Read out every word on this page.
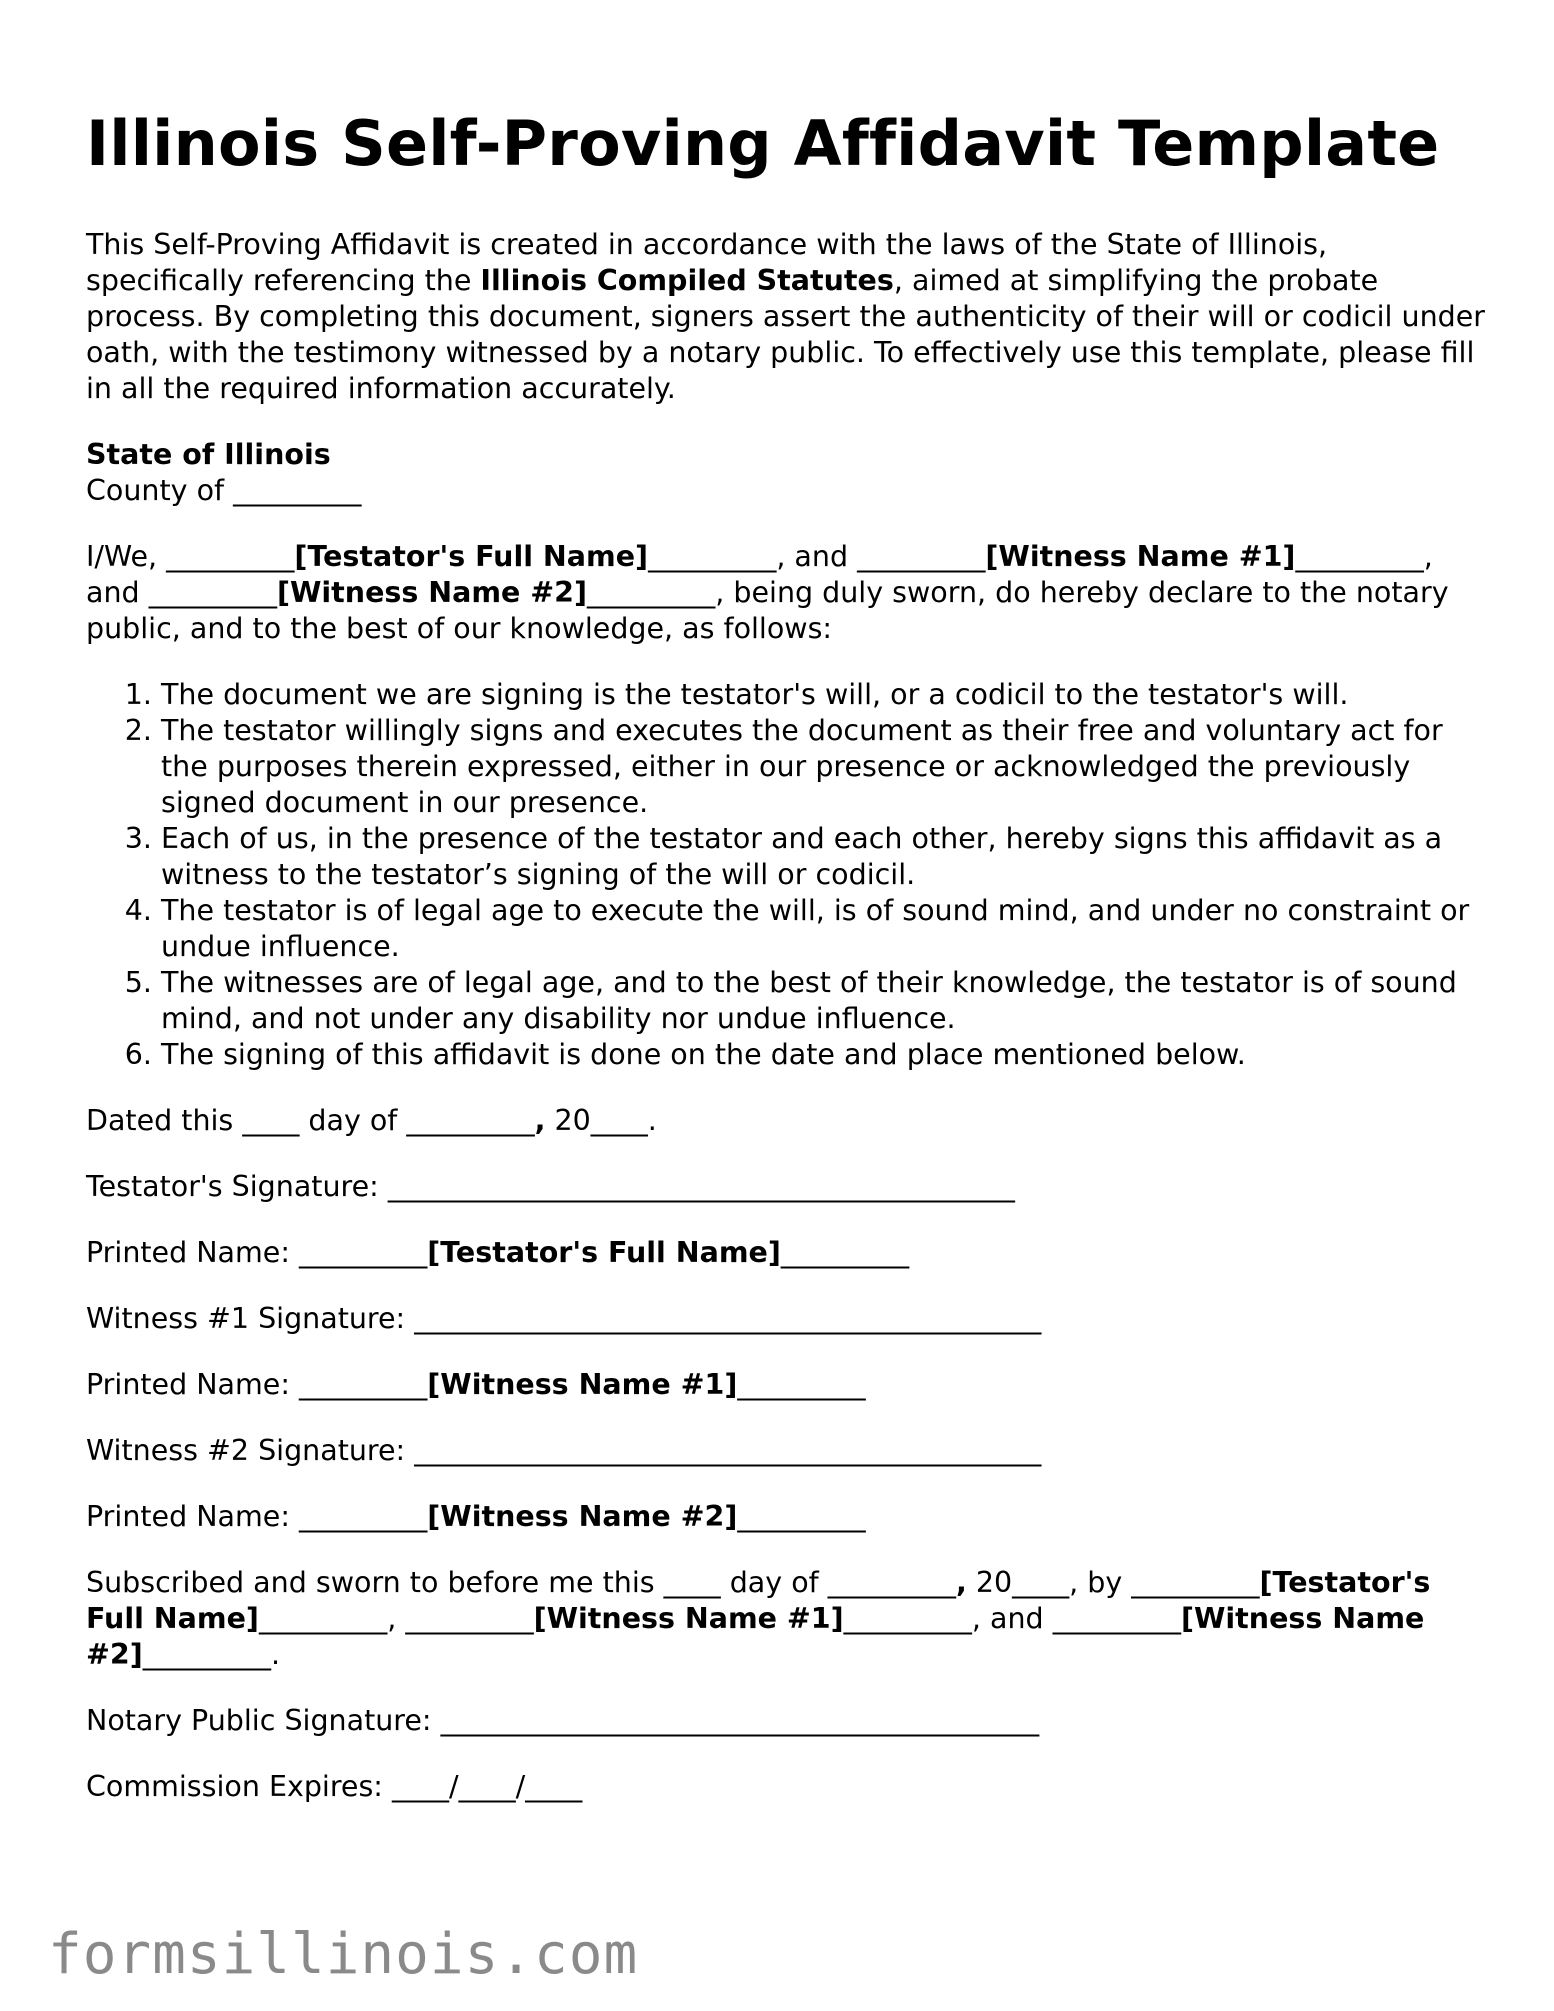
Illinois Self-Proving Affidavit Template

This Self-Proving Affidavit is created in accordance with the laws of the State of Illinois, specifically referencing the Illinois Compiled Statutes, aimed at simplifying the probate process. By completing this document, signers assert the authenticity of their will or codicil under oath, with the testimony witnessed by a notary public. To effectively use this template, please fill in all the required information accurately.

State of Illinois
County of _________

I/We, _________[Testator's Full Name]_________, and _________[Witness Name #1]_________, and _________[Witness Name #2]_________, being duly sworn, do hereby declare to the notary public, and to the best of our knowledge, as follows:

1. The document we are signing is the testator's will, or a codicil to the testator's will.
2. The testator willingly signs and executes the document as their free and voluntary act for the purposes therein expressed, either in our presence or acknowledged the previously signed document in our presence.
3. Each of us, in the presence of the testator and each other, hereby signs this affidavit as a witness to the testator’s signing of the will or codicil.
4. The testator is of legal age to execute the will, is of sound mind, and under no constraint or undue influence.
5. The witnesses are of legal age, and to the best of their knowledge, the testator is of sound mind, and not under any disability nor undue influence.
6. The signing of this affidavit is done on the date and place mentioned below.

Dated this ____ day of _________, 20____.

Testator's Signature: ____________________________________________

Printed Name: _________[Testator's Full Name]_________

Witness #1 Signature: ____________________________________________

Printed Name: _________[Witness Name #1]_________

Witness #2 Signature: ____________________________________________

Printed Name: _________[Witness Name #2]_________

Subscribed and sworn to before me this ____ day of _________, 20____, by _________[Testator's Full Name]_________, _________[Witness Name #1]_________, and _________[Witness Name #2]_________.

Notary Public Signature: __________________________________________

Commission Expires: ____/____/____

formsillinois.com
